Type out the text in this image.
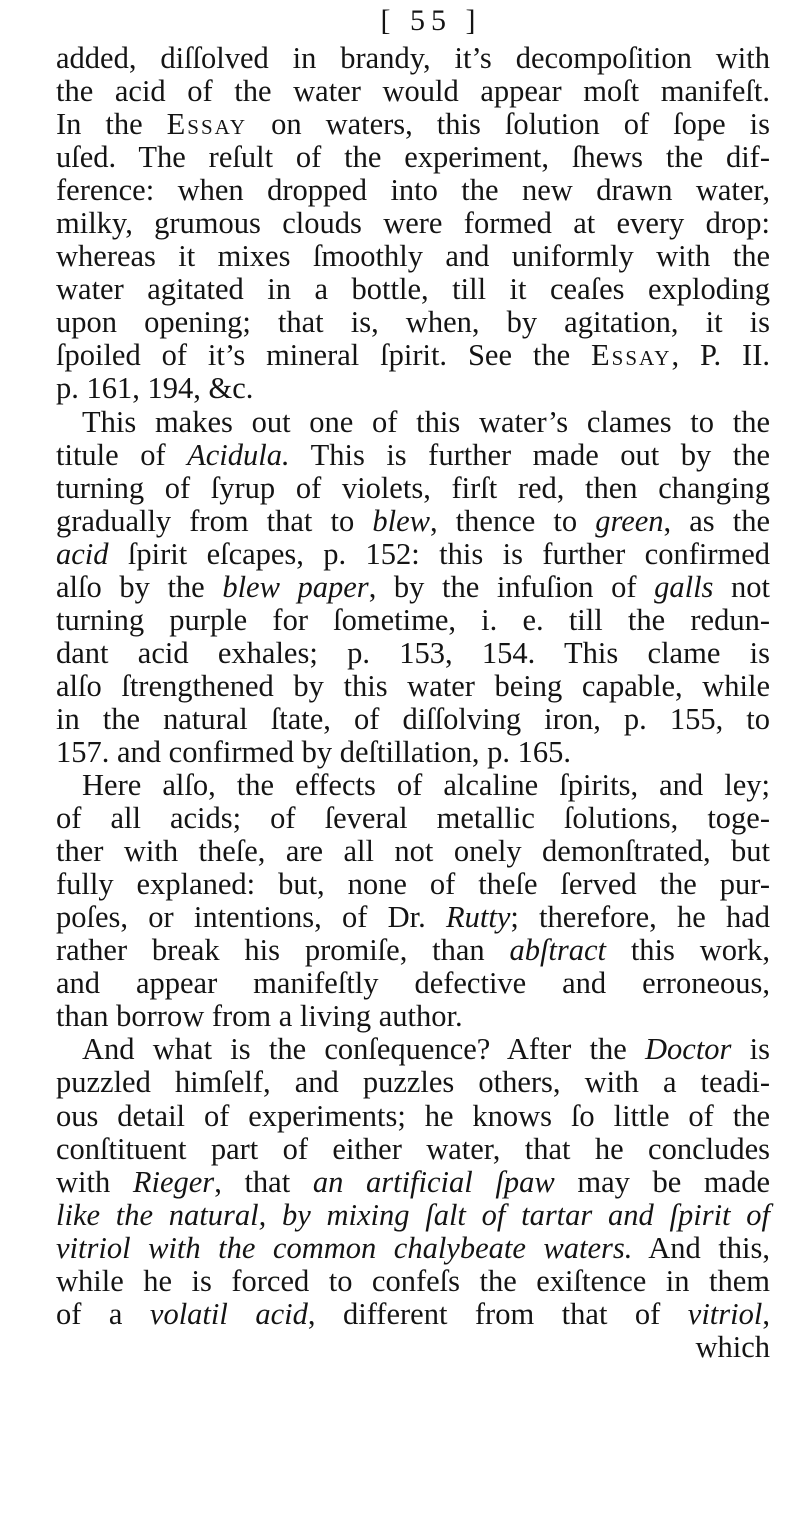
[ 55 ]
added, diſſolved in brandy, it’s decompoſition with
the acid of the water would appear moſt manifeſt.
In the Essay on waters, this ſolution of ſope is
uſed. The reſult of the experiment, ſhews the dif-
ference: when dropped into the new drawn water,
milky, grumous clouds were formed at every drop:
whereas it mixes ſmoothly and uniformly with the
water agitated in a bottle, till it ceaſes exploding
upon opening; that is, when, by agitation, it is
ſpoiled of it’s mineral ſpirit. See the Essay, P. II.
p. 161, 194, &c.
This makes out one of this water’s clames to the
titule of Acidula. This is further made out by the
turning of ſyrup of violets, firſt red, then changing
gradually from that to blew, thence to green, as the
acid ſpirit eſcapes, p. 152: this is further confirmed
alſo by the blew paper, by the infuſion of galls not
turning purple for ſometime, i. e. till the redun-
dant acid exhales; p. 153, 154. This clame is
alſo ſtrengthened by this water being capable, while
in the natural ſtate, of diſſolving iron, p. 155, to
157. and confirmed by deſtillation, p. 165.
Here alſo, the effects of alcaline ſpirits, and ley;
of all acids; of ſeveral metallic ſolutions, toge-
ther with theſe, are all not onely demonſtrated, but
fully explaned: but, none of theſe ſerved the pur-
poſes, or intentions, of Dr. Rutty; therefore, he had
rather break his promiſe, than abſtract this work,
and appear manifeſtly defective and erroneous,
than borrow from a living author.
And what is the conſequence? After the Doctor is
puzzled himſelf, and puzzles others, with a teadi-
ous detail of experiments; he knows ſo little of the
conſtituent part of either water, that he concludes
with Rieger, that an artificial ſpaw may be made
like the natural, by mixing ſalt of tartar and ſpirit of
vitriol with the common chalybeate waters. And this,
while he is forced to confeſs the exiſtence in them
of a volatil acid, different from that of vitriol,
which
